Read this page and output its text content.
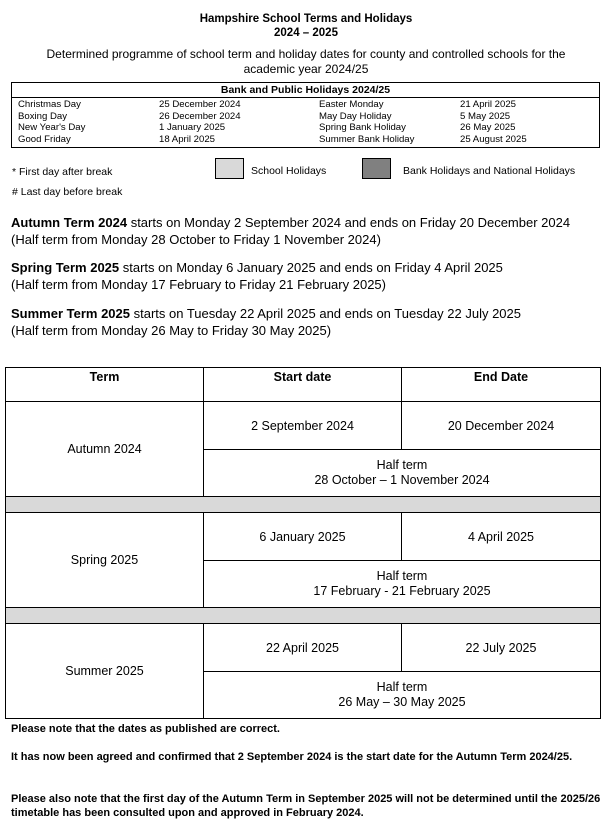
Hampshire School Terms and Holidays
2024 – 2025
Determined programme of school term and holiday dates for county and controlled schools for the academic year 2024/25
Bank and Public Holidays 2024/25
Christmas Day	25 December 2024
Boxing Day	26 December 2024
New Year's Day	1 January 2025
Good Friday	18 April 2025
Easter Monday	21 April 2025
May Day Holiday	5 May 2025
Spring Bank Holiday	26 May 2025
Summer Bank Holiday	25 August 2025
* First day after break
# Last day before break
School Holidays	Bank Holidays and National Holidays
Autumn Term 2024 starts on Monday 2 September 2024 and ends on Friday 20 December 2024
(Half term from Monday 28 October to Friday 1 November 2024)
Spring Term 2025 starts on Monday 6 January 2025 and ends on Friday 4 April 2025
(Half term from Monday 17 February to Friday 21 February 2025)
Summer Term 2025 starts on Tuesday 22 April 2025 and ends on Tuesday 22 July 2025
(Half term from Monday 26 May to Friday 30 May 2025)
Term	Start date	End Date
Autumn 2024	2 September 2024	20 December 2024

	Half term
28 October – 1 November 2024	

Spring 2025	6 January 2025	4 April 2025

	Half term
17 February - 21 February 2025	

Summer 2025	22 April 2025	22 July 2025

	Half term
26 May – 30 May 2025	
Please note that the dates as published are correct.
It has now been agreed and confirmed that 2 September 2024 is the start date for the Autumn Term 2024/25.
Please also note that the first day of the Autumn Term in September 2025 will not be determined until the 2025/26 timetable has been consulted upon and approved in February 2024.
